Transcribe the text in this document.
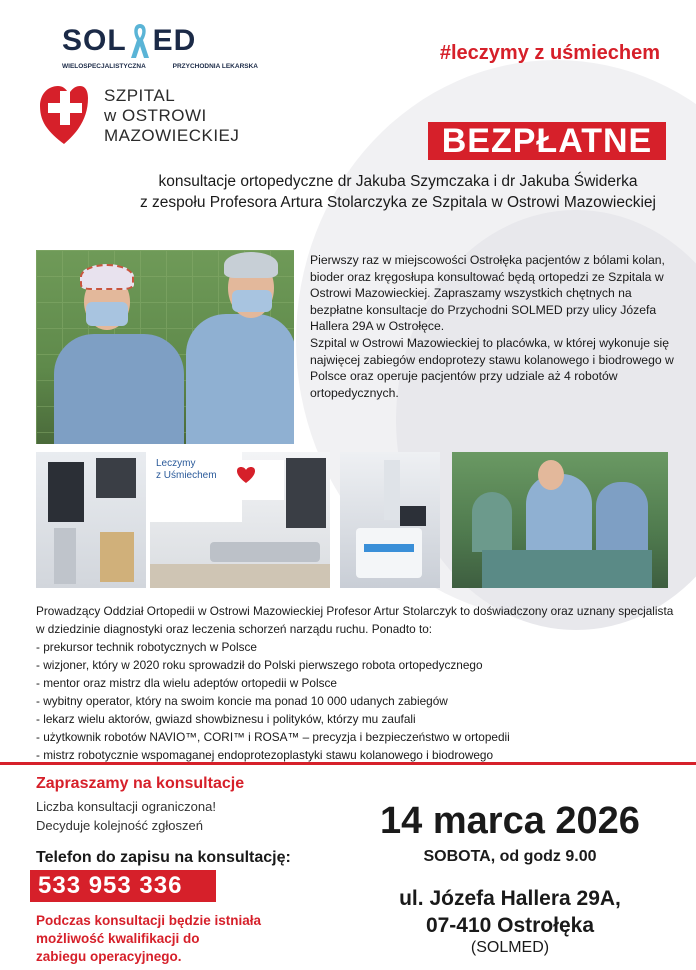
SOL ED
WIELOSPECJALISTYCZNA	PRZYCHODNIA LEKARSKA
#leczymy z uśmiechem
SZPITAL
w OSTROWI
MAZOWIECKIEJ	BEZPŁATNE
konsultacje ortopedyczne dr Jakuba Szymczaka i dr Jakuba Świderka
z zespołu Profesora Artura Stolarczyka ze Szpitala w Ostrowi Mazowieckiej

Pierwszy raz w miejscowości Ostrołęka pacjentów z bólami kolan, bioder oraz kręgosłupa konsultować będą ortopedzi ze Szpitala w Ostrowi Mazowieckiej. Zapraszamy wszystkich chętnych na bezpłatne konsultacje do Przychodni SOLMED przy ulicy Józefa Hallera 29A w Ostrołęce.

Szpital w Ostrowi Mazowieckiej to placówka, w której wykonuje się najwięcej zabiegów endoprotezy stawu kolanowego i biodrowego w Polsce oraz operuje pacjentów przy udziale aż 4 robotów ortopedycznych.

Leczymy
z Uśmiechem

Prowadzący Oddział Ortopedii w Ostrowi Mazowieckiej Profesor Artur Stolarczyk to doświadczony oraz uznany specjalista w dziedzinie diagnostyki oraz leczenia schorzeń narządu ruchu. Ponadto to:

- prekursor technik robotycznych w Polsce

- wizjoner, który w 2020 roku sprowadził do Polski pierwszego robota ortopedycznego

- mentor oraz mistrz dla wielu adeptów ortopedii w Polsce

- wybitny operator, który na swoim koncie ma ponad 10 000 udanych zabiegów

- lekarz wielu aktorów, gwiazd showbiznesu i polityków, którzy mu zaufali

- użytkownik robotów NAVIO™, CORI™ i ROSA™ – precyzja i bezpieczeństwo w ortopedii

- mistrz robotycznie wspomaganej endoprotezoplastyki stawu kolanowego i biodrowego

Zapraszamy na konsultacje
Liczba konsultacji ograniczona!
Decyduje kolejność zgłoszeń
Telefon do zapisu na konsultację:
533 953 336
Podczas konsultacji będzie istniała
możliwość kwalifikacji do
zabiegu operacyjnego.
14 marca 2026
SOBOTA, od godz 9.00
ul. Józefa Hallera 29A,
07-410 Ostrołęka
(SOLMED)
